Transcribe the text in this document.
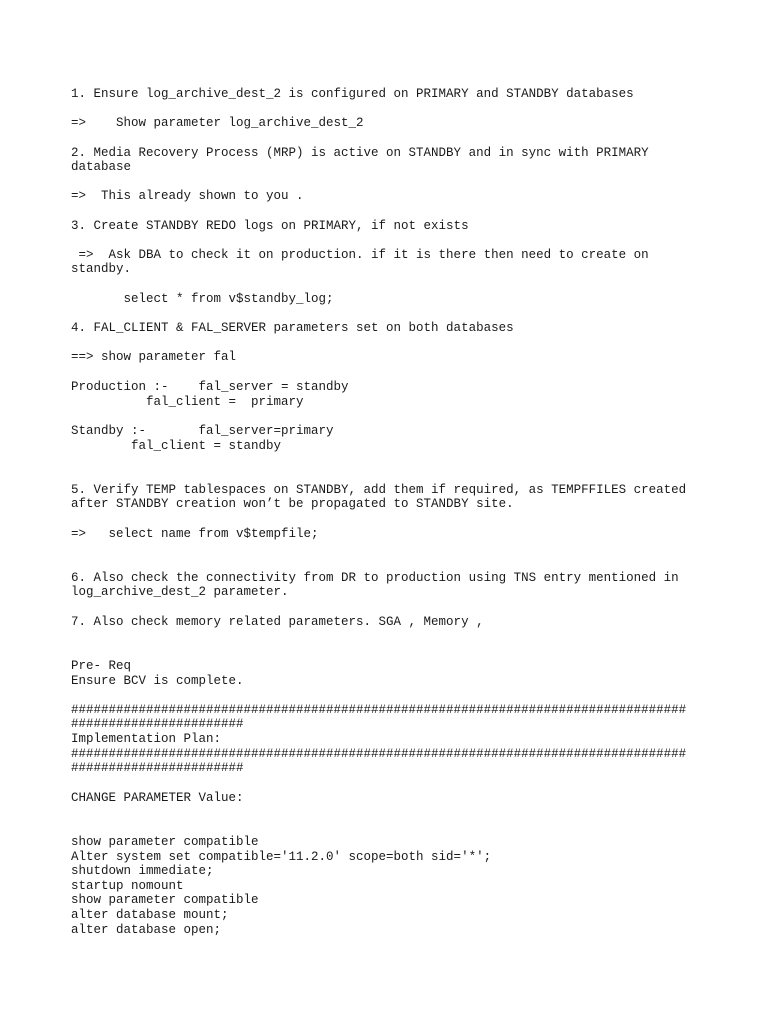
1. Ensure log_archive_dest_2 is configured on PRIMARY and STANDBY databases

=>    Show parameter log_archive_dest_2

2. Media Recovery Process (MRP) is active on STANDBY and in sync with PRIMARY

database

=>  This already shown to you .

3. Create STANDBY REDO logs on PRIMARY, if not exists

=>  Ask DBA to check it on production. if it is there then need to create on

standby.

select * from v$standby_log;

4. FAL_CLIENT & FAL_SERVER parameters set on both databases

==> show parameter fal

Production :-    fal_server = standby

fal_client =  primary

Standby :-       fal_server=primary

fal_client = standby

5. Verify TEMP tablespaces on STANDBY, add them if required, as TEMPFFILES created

after STANDBY creation won’t be propagated to STANDBY site.

=>   select name from v$tempfile;

6. Also check the connectivity from DR to production using TNS entry mentioned in

log_archive_dest_2 parameter.

7. Also check memory related parameters. SGA , Memory ,

Pre- Req

Ensure BCV is complete.

##################################################################################

#######################

Implementation Plan:

##################################################################################

#######################

CHANGE PARAMETER Value:

show parameter compatible

Alter system set compatible='11.2.0' scope=both sid='*';

shutdown immediate;

startup nomount

show parameter compatible

alter database mount;

alter database open;
